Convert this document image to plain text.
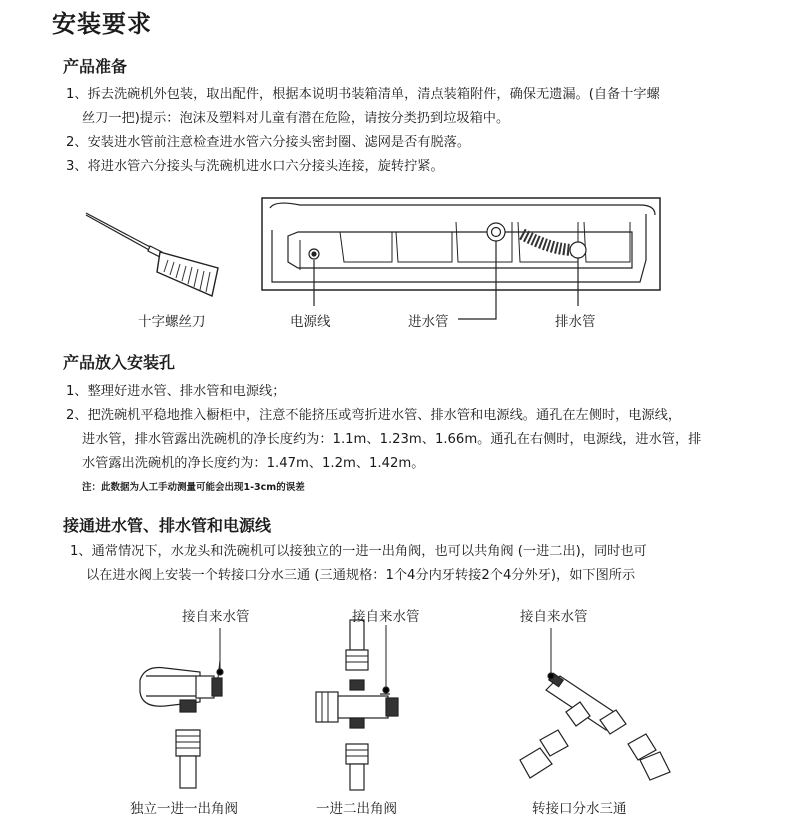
安装要求
产品准备
1、拆去洗碗机外包装，取出配件，根据本说明书装箱清单，清点装箱附件，确保无遗漏。(自备十字螺
丝刀一把)提示：泡沫及塑料对儿童有潜在危险，请按分类扔到垃圾箱中。
2、安装进水管前注意检查进水管六分接头密封圈、滤网是否有脱落。
3、将进水管六分接头与洗碗机进水口六分接头连接，旋转拧紧。
十字螺丝刀	电源线	进水管	排水管
产品放入安装孔
1、整理好进水管、排水管和电源线；
2、把洗碗机平稳地推入橱柜中，注意不能挤压或弯折进水管、排水管和电源线。通孔在左侧时，电源线，
进水管，排水管露出洗碗机的净长度约为：1.1m、1.23m、1.66m。通孔在右侧时，电源线，进水管，排
水管露出洗碗机的净长度约为：1.47m、1.2m、1.42m。
注：此数据为人工手动测量可能会出现1-3cm的误差
接通进水管、排水管和电源线
1、通常情况下，水龙头和洗碗机可以接独立的一进一出角阀，也可以共角阀 (一进二出)，同时也可
以在进水阀上安装一个转接口分水三通 (三通规格：1个4分内牙转接2个4分外牙)，如下图所示
接自来水管	接自来水管	接自来水管
独立一进一出角阀	一进二出角阀	转接口分水三通
